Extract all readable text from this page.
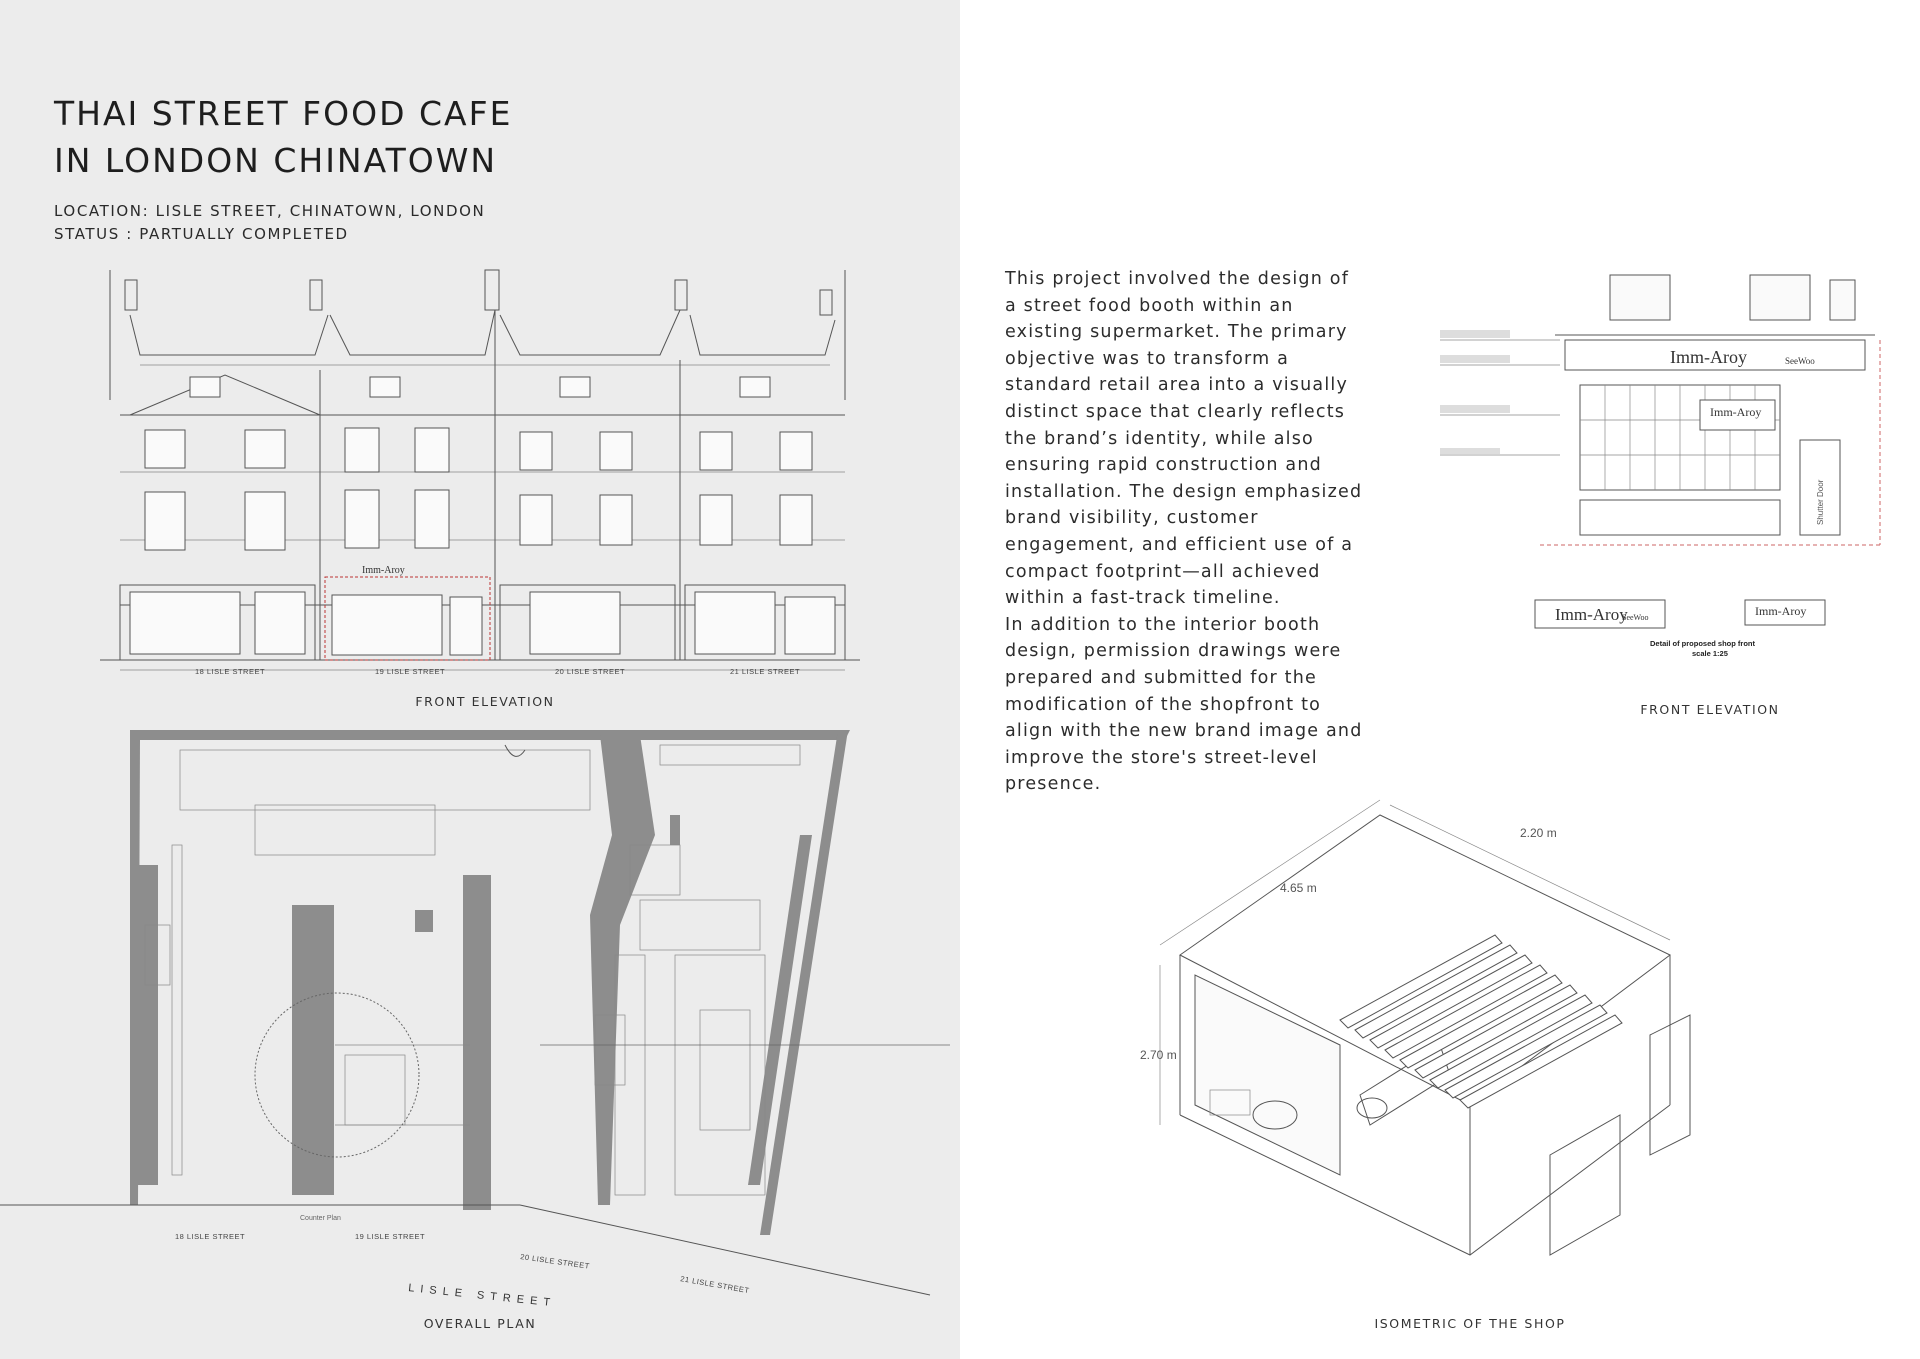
THAI STREET FOOD CAFE
IN LONDON CHINATOWN
LOCATION: LISLE STREET, CHINATOWN, LONDON
STATUS : PARTUALLY COMPLETED
Imm-Aroy
18 LISLE STREET	19 LISLE STREET	20 LISLE STREET	21 LISLE STREET
FRONT ELEVATION
Counter Plan
18 LISLE STREET	19 LISLE STREET
20 LISLE STREET
21 LISLE STREET
LISLE STREET
OVERALL PLAN

This project involved the design of a street food booth within an existing supermarket. The primary objective was to transform a standard retail area into a visually distinct space that clearly reflects the brand’s identity, while also ensuring rapid construction and installation. The design emphasized brand visibility, customer engagement, and efficient use of a compact footprint—all achieved within a fast-track timeline.

In addition to the interior booth design, permission drawings were prepared and submitted for the modification of the shopfront to align with the new brand image and improve the store's street-level presence.

Imm-Aroy	SeeWoo
Imm-Aroy
Shutter Door
Imm-Aroy
SeeWoo	Imm-Aroy
Detail of proposed shop front
scale 1:25
FRONT ELEVATION
2.20 m
4.65 m
2.70 m
ISOMETRIC OF THE SHOP
